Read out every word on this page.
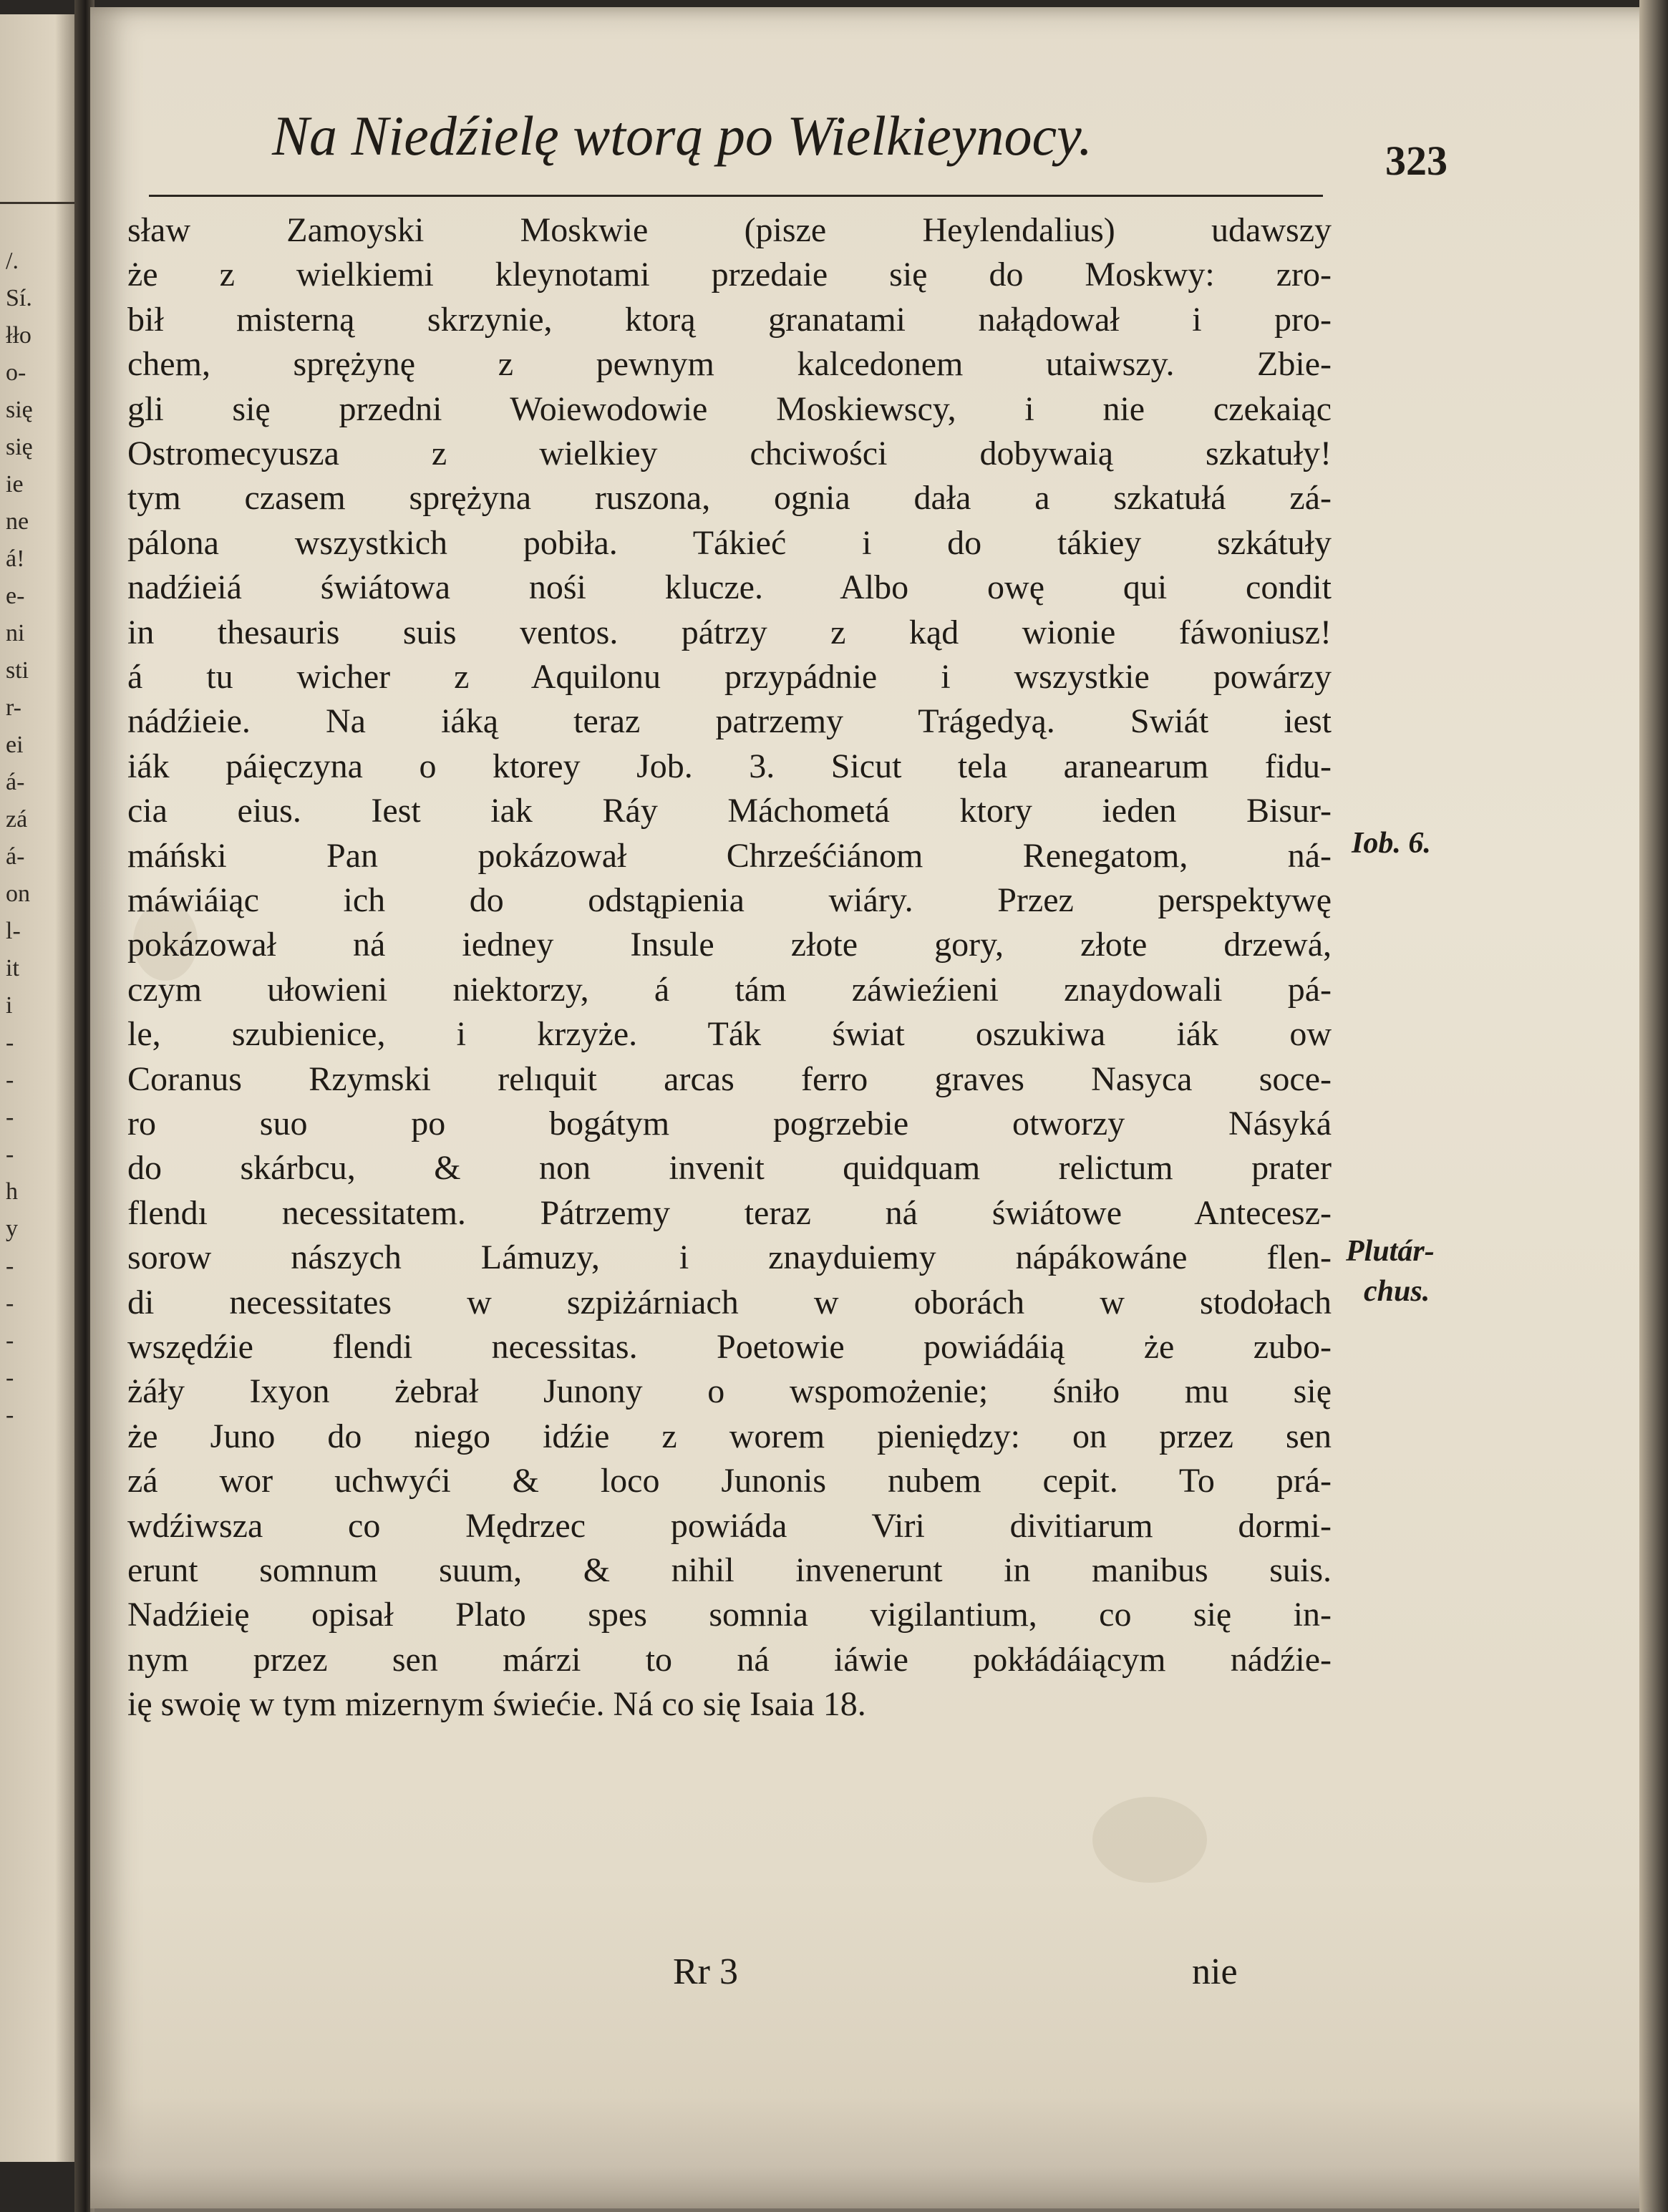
/.
Ѕí.
łło
o-
się
się
ie
ne
á!
e-
ni
sti
r-
ei
á-
zá
á-
on
l-
it
i
-
-
-
-
h
y
-
-
-
-
-
Na Niedźielę wtorą po Wielkieynocy.	323
sław Zamoyski Moskwie (pisze Heylendalius) udawszy
że z wielkiemi kleynotami przedaie się do Moskwy: zro-
bił misterną skrzynie, ktorą granatami nałądował i pro-
chem, sprężynę z pewnym kalcedonem utaiwszy. Zbie-
gli się przedni Woiewodowie Moskiewscy, i nie czekaiąc
Ostromecyusza z wielkiey chciwości dobywaią szkatuły!
tym czasem sprężyna ruszona, ognia dała a szkatułá zá-
pálona wszystkich pobiła. Tákieć i do tákiey szkátuły
nadźieiá świátowa nośi klucze. Albo owę qui condit
in thesauris suis ventos. pátrzy z kąd wionie fáwoniusz!
á tu wicher z Aquilonu przypádnie i wszystkie powárzy
nádźieie. Na iáką teraz patrzemy Trágedyą. Swiát iest
iák páięczyna o ktorey Job. 3. Sicut tela aranearum fidu-
cia eius. Iest iak Ráy Máchometá ktory ieden Bisur-
máński Pan pokázował Chrześćiánom Renegatom, ná-
máwiáiąc ich do odstąpienia wiáry. Przez perspektywę
pokázował ná iedney Insule złote gory, złote drzewá,
czym ułowieni niektorzy, á tám záwieźieni znaydowali pá-
le, szubienice, i krzyże. Ták świat oszukiwa iák ow
Coranus Rzymski relıquit arcas ferro graves Nasyca soce-
ro suo po bogátym pogrzebie otworzy Násyká
do skárbcu, & non invenit quidquam relictum prater
flendı necessitatem. Pátrzemy teraz ná świátowe Antecesz-
sorow nászych Lámuzy, i znayduiemy nápákowáne flen-
di necessitates w szpiżárniach w oborách w stodołach
wszędźie flendi necessitas. Poetowie powiádáią że zubo-
żáły Ixyon żebrał Junony o wspomożenie; śniło mu się
że Juno do niego idźie z worem pieniędzy: on przez sen
zá wor uchwyći & loco Junonis nubem cepit. To prá-
wdźiwsza co Mędrzec powiáda Viri divitiarum dormi-
erunt somnum suum, & nihil invenerunt in manibus suis.
Nadźieię opisał Plato spes somnia vigilantium, co się in-
nym przez sen márzi to ná iáwie pokłádáiącym nádźie-
ię swoię w tym mizernym świećie. Ná co się Isaia 18.
Iob. 6.
Plutár-
chus.
Rr 3	nie
